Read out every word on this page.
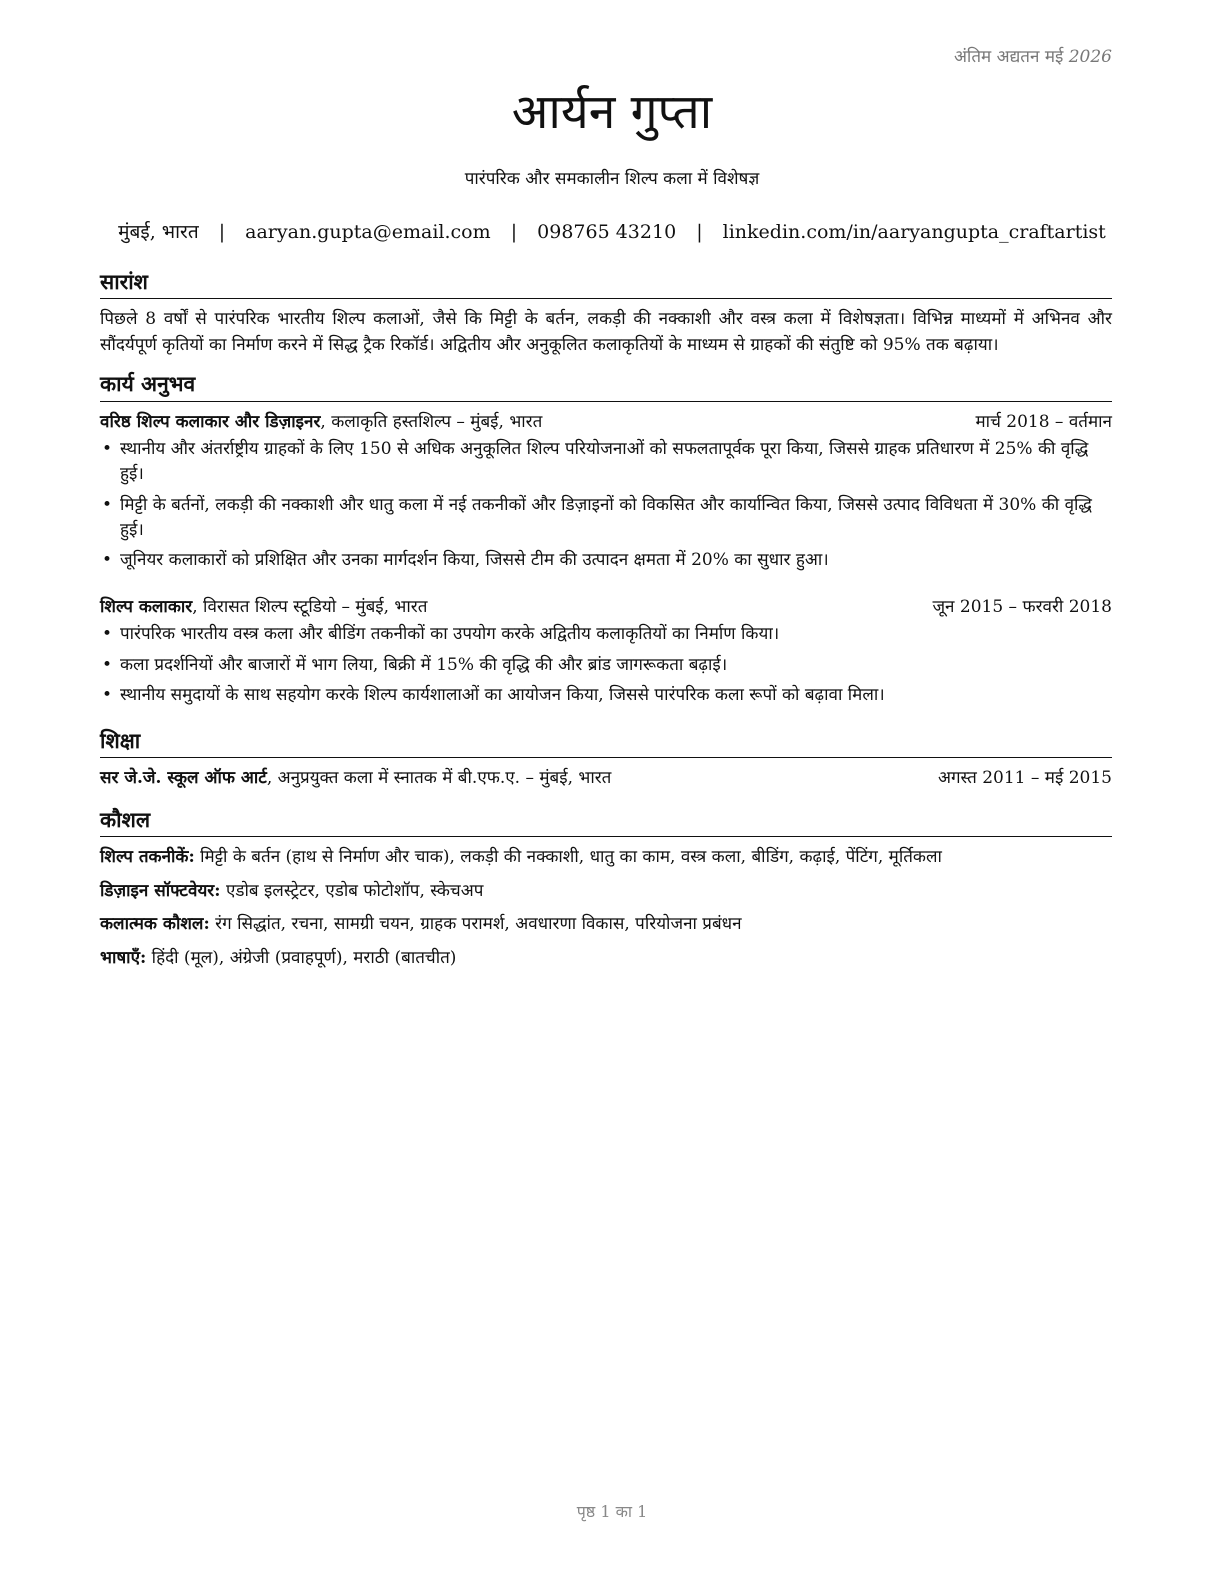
अंतिम अद्यतन मई 2026
आर्यन गुप्ता
पारंपरिक और समकालीन शिल्प कला में विशेषज्ञ
मुंबई, भारत | aaryan.gupta@email.com | 098765 43210 | linkedin.com/in/aaryangupta_craftartist
सारांश
पिछले 8 वर्षों से पारंपरिक भारतीय शिल्प कलाओं, जैसे कि मिट्टी के बर्तन, लकड़ी की नक्काशी और वस्त्र कला में विशेषज्ञता। विभिन्न माध्यमों में अभिनव और सौंदर्यपूर्ण कृतियों का निर्माण करने में सिद्ध ट्रैक रिकॉर्ड। अद्वितीय और अनुकूलित कलाकृतियों के माध्यम से ग्राहकों की संतुष्टि को 95% तक बढ़ाया।
कार्य अनुभव
वरिष्ठ शिल्प कलाकार और डिज़ाइनर, कलाकृति हस्तशिल्प – मुंबई, भारत	मार्च 2018 – वर्तमान
• स्थानीय और अंतर्राष्ट्रीय ग्राहकों के लिए 150 से अधिक अनुकूलित शिल्प परियोजनाओं को सफलतापूर्वक पूरा किया, जिससे ग्राहक प्रतिधारण में 25% की वृद्धि हुई।
• मिट्टी के बर्तनों, लकड़ी की नक्काशी और धातु कला में नई तकनीकों और डिज़ाइनों को विकसित और कार्यान्वित किया, जिससे उत्पाद विविधता में 30% की वृद्धि हुई।
• जूनियर कलाकारों को प्रशिक्षित और उनका मार्गदर्शन किया, जिससे टीम की उत्पादन क्षमता में 20% का सुधार हुआ।
शिल्प कलाकार, विरासत शिल्प स्टूडियो – मुंबई, भारत	जून 2015 – फरवरी 2018
• पारंपरिक भारतीय वस्त्र कला और बीडिंग तकनीकों का उपयोग करके अद्वितीय कलाकृतियों का निर्माण किया।
• कला प्रदर्शनियों और बाजारों में भाग लिया, बिक्री में 15% की वृद्धि की और ब्रांड जागरूकता बढ़ाई।
• स्थानीय समुदायों के साथ सहयोग करके शिल्प कार्यशालाओं का आयोजन किया, जिससे पारंपरिक कला रूपों को बढ़ावा मिला।
शिक्षा
सर जे.जे. स्कूल ऑफ आर्ट, अनुप्रयुक्त कला में स्नातक में बी.एफ.ए. – मुंबई, भारत	अगस्त 2011 – मई 2015
कौशल
शिल्प तकनीकें: मिट्टी के बर्तन (हाथ से निर्माण और चाक), लकड़ी की नक्काशी, धातु का काम, वस्त्र कला, बीडिंग, कढ़ाई, पेंटिंग, मूर्तिकला
डिज़ाइन सॉफ्टवेयर: एडोब इलस्ट्रेटर, एडोब फोटोशॉप, स्केचअप
कलात्मक कौशल: रंग सिद्धांत, रचना, सामग्री चयन, ग्राहक परामर्श, अवधारणा विकास, परियोजना प्रबंधन
भाषाएँ: हिंदी (मूल), अंग्रेजी (प्रवाहपूर्ण), मराठी (बातचीत)
पृष्ठ 1 का 1
